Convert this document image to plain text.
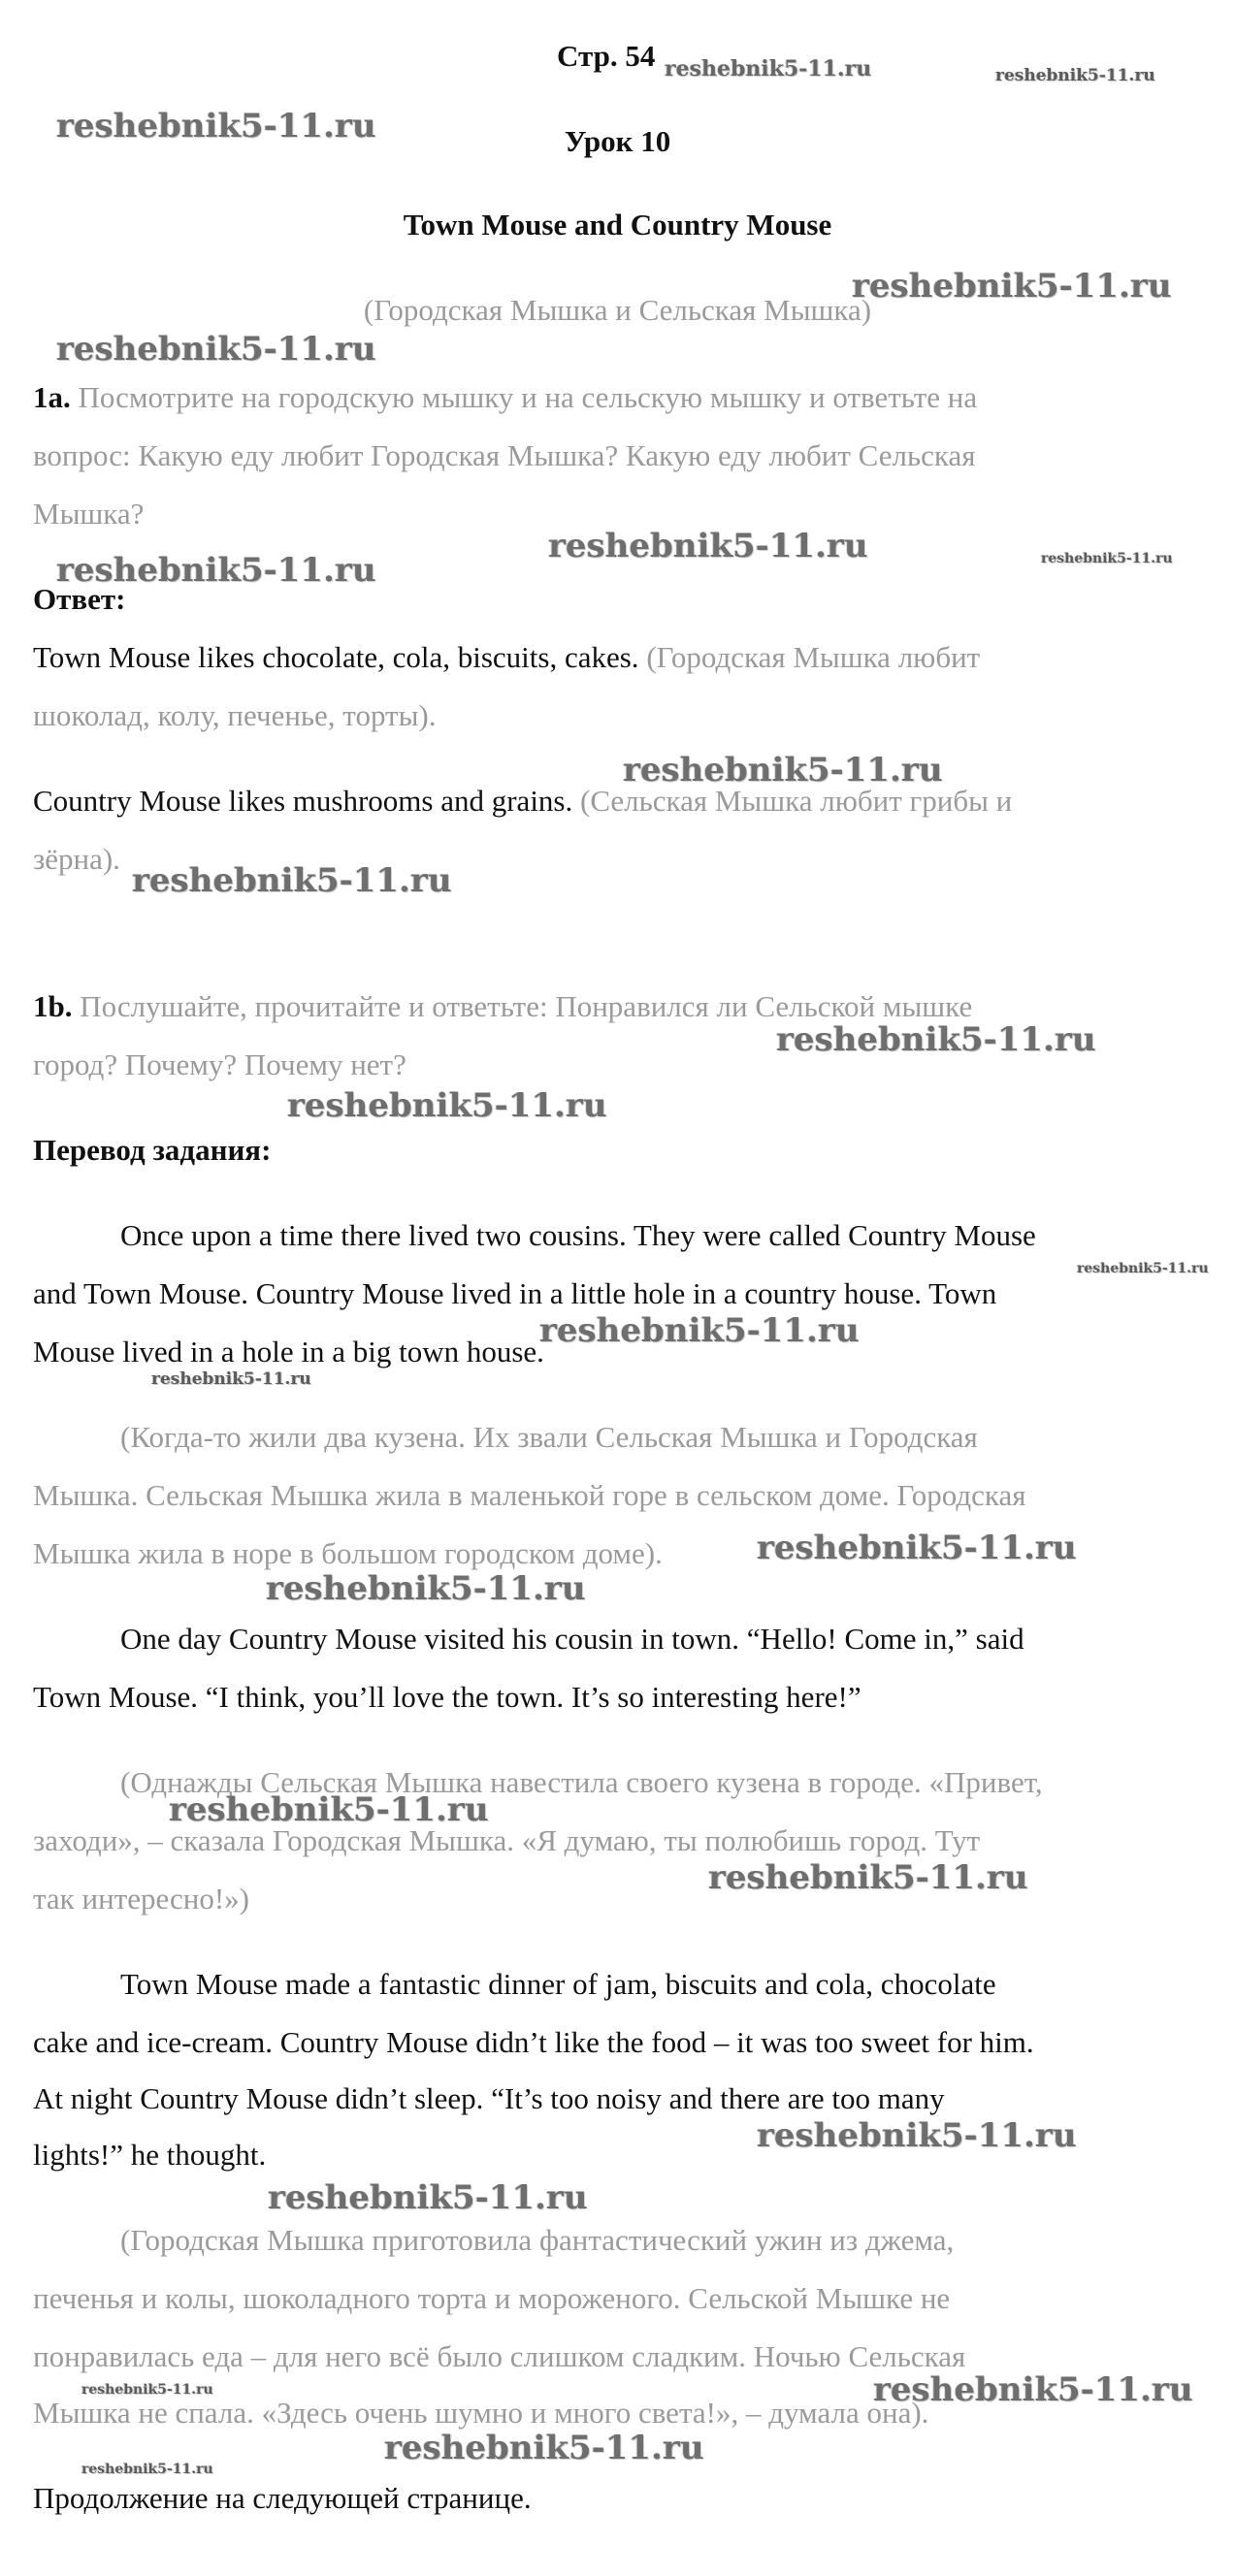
Стр. 54
Урок 10
Town Mouse and Country Mouse
(Городская Мышка и Сельская Мышка)
1a. Посмотрите на городскую мышку и на сельскую мышку и ответьте на
вопрос: Какую еду любит Городская Мышка? Какую еду любит Сельская
Мышка?
Ответ:
Town Mouse likes chocolate, cola, biscuits, cakes. (Городская Мышка любит
шоколад, колу, печенье, торты).
Country Mouse likes mushrooms and grains. (Сельская Мышка любит грибы и
зёрна).
1b. Послушайте, прочитайте и ответьте: Понравился ли Сельской мышке
город? Почему? Почему нет?
Перевод задания:
Once upon a time there lived two cousins. They were called Country Mouse
and Town Mouse. Country Mouse lived in a little hole in a country house. Town
Mouse lived in a hole in a big town house.
(Когда-то жили два кузена. Их звали Сельская Мышка и Городская
Мышка. Сельская Мышка жила в маленькой горе в сельском доме. Городская
Мышка жила в норе в большом городском доме).
One day Country Mouse visited his cousin in town. “Hello! Come in,” said
Town Mouse. “I think, you’ll love the town. It’s so interesting here!”
(Однажды Сельская Мышка навестила своего кузена в городе. «Привет,
заходи», – сказала Городская Мышка. «Я думаю, ты полюбишь город. Тут
так интересно!»)
Town Mouse made a fantastic dinner of jam, biscuits and cola, chocolate
cake and ice-cream. Country Mouse didn’t like the food – it was too sweet for him.
At night Country Mouse didn’t sleep. “It’s too noisy and there are too many
lights!” he thought.
(Городская Мышка приготовила фантастический ужин из джема,
печенья и колы, шоколадного торта и мороженого. Сельской Мышке не
понравилась еда – для него всё было слишком сладким. Ночью Сельская
Мышка не спала. «Здесь очень шумно и много света!», – думала она).
Продолжение на следующей странице.
reshebnik5-11.ru	reshebnik5-11.ru
reshebnik5-11.ru
reshebnik5-11.ru
reshebnik5-11.ru
reshebnik5-11.ru
reshebnik5-11.ru	reshebnik5-11.ru
reshebnik5-11.ru
reshebnik5-11.ru
reshebnik5-11.ru
reshebnik5-11.ru
reshebnik5-11.ru
reshebnik5-11.ru
reshebnik5-11.ru
reshebnik5-11.ru
reshebnik5-11.ru
reshebnik5-11.ru
reshebnik5-11.ru
reshebnik5-11.ru
reshebnik5-11.ru
reshebnik5-11.ru
reshebnik5-11.ru
reshebnik5-11.ru
reshebnik5-11.ru
